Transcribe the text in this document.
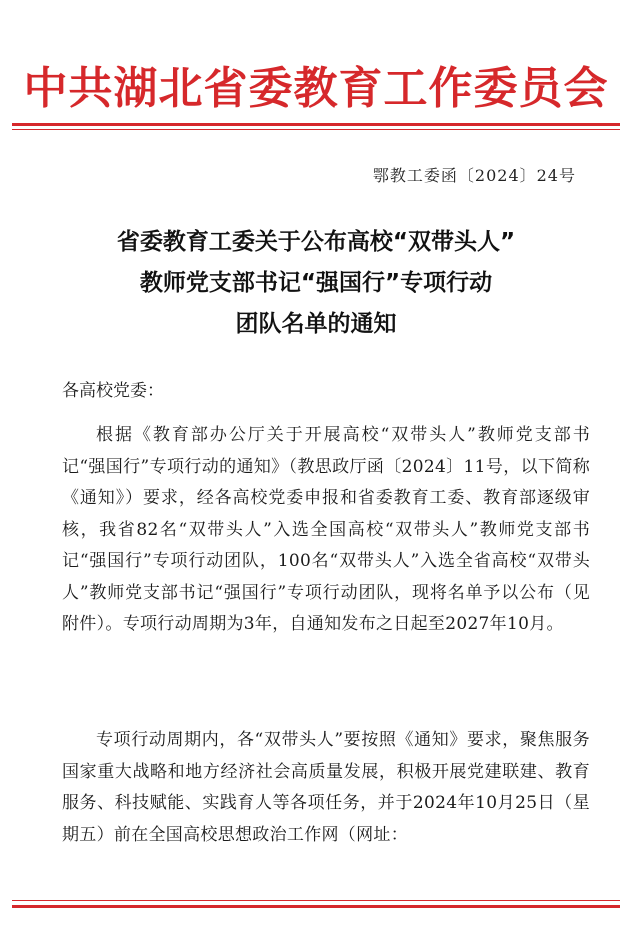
中共湖北省委教育工作委员会
鄂教工委函〔2024〕24号
省委教育工委关于公布高校“双带头人”
教师党支部书记“强国行”专项行动
团队名单的通知
各高校党委：
根据《教育部办公厅关于开展高校“双带头人”教师党支部书记“强国行”专项行动的通知》（教思政厅函〔2024〕11号，以下简称《通知》）要求，经各高校党委申报和省委教育工委、教育部逐级审核，我省82名“双带头人”入选全国高校“双带头人”教师党支部书记“强国行”专项行动团队，100名“双带头人”入选全省高校“双带头人”教师党支部书记“强国行”专项行动团队，现将名单予以公布（见附件）。专项行动周期为3年，自通知发布之日起至2027年10月。
专项行动周期内，各“双带头人”要按照《通知》要求，聚焦服务国家重大战略和地方经济社会高质量发展，积极开展党建联建、教育服务、科技赋能、实践育人等各项任务，并于2024年10月25日（星期五）前在全国高校思想政治工作网（网址：
